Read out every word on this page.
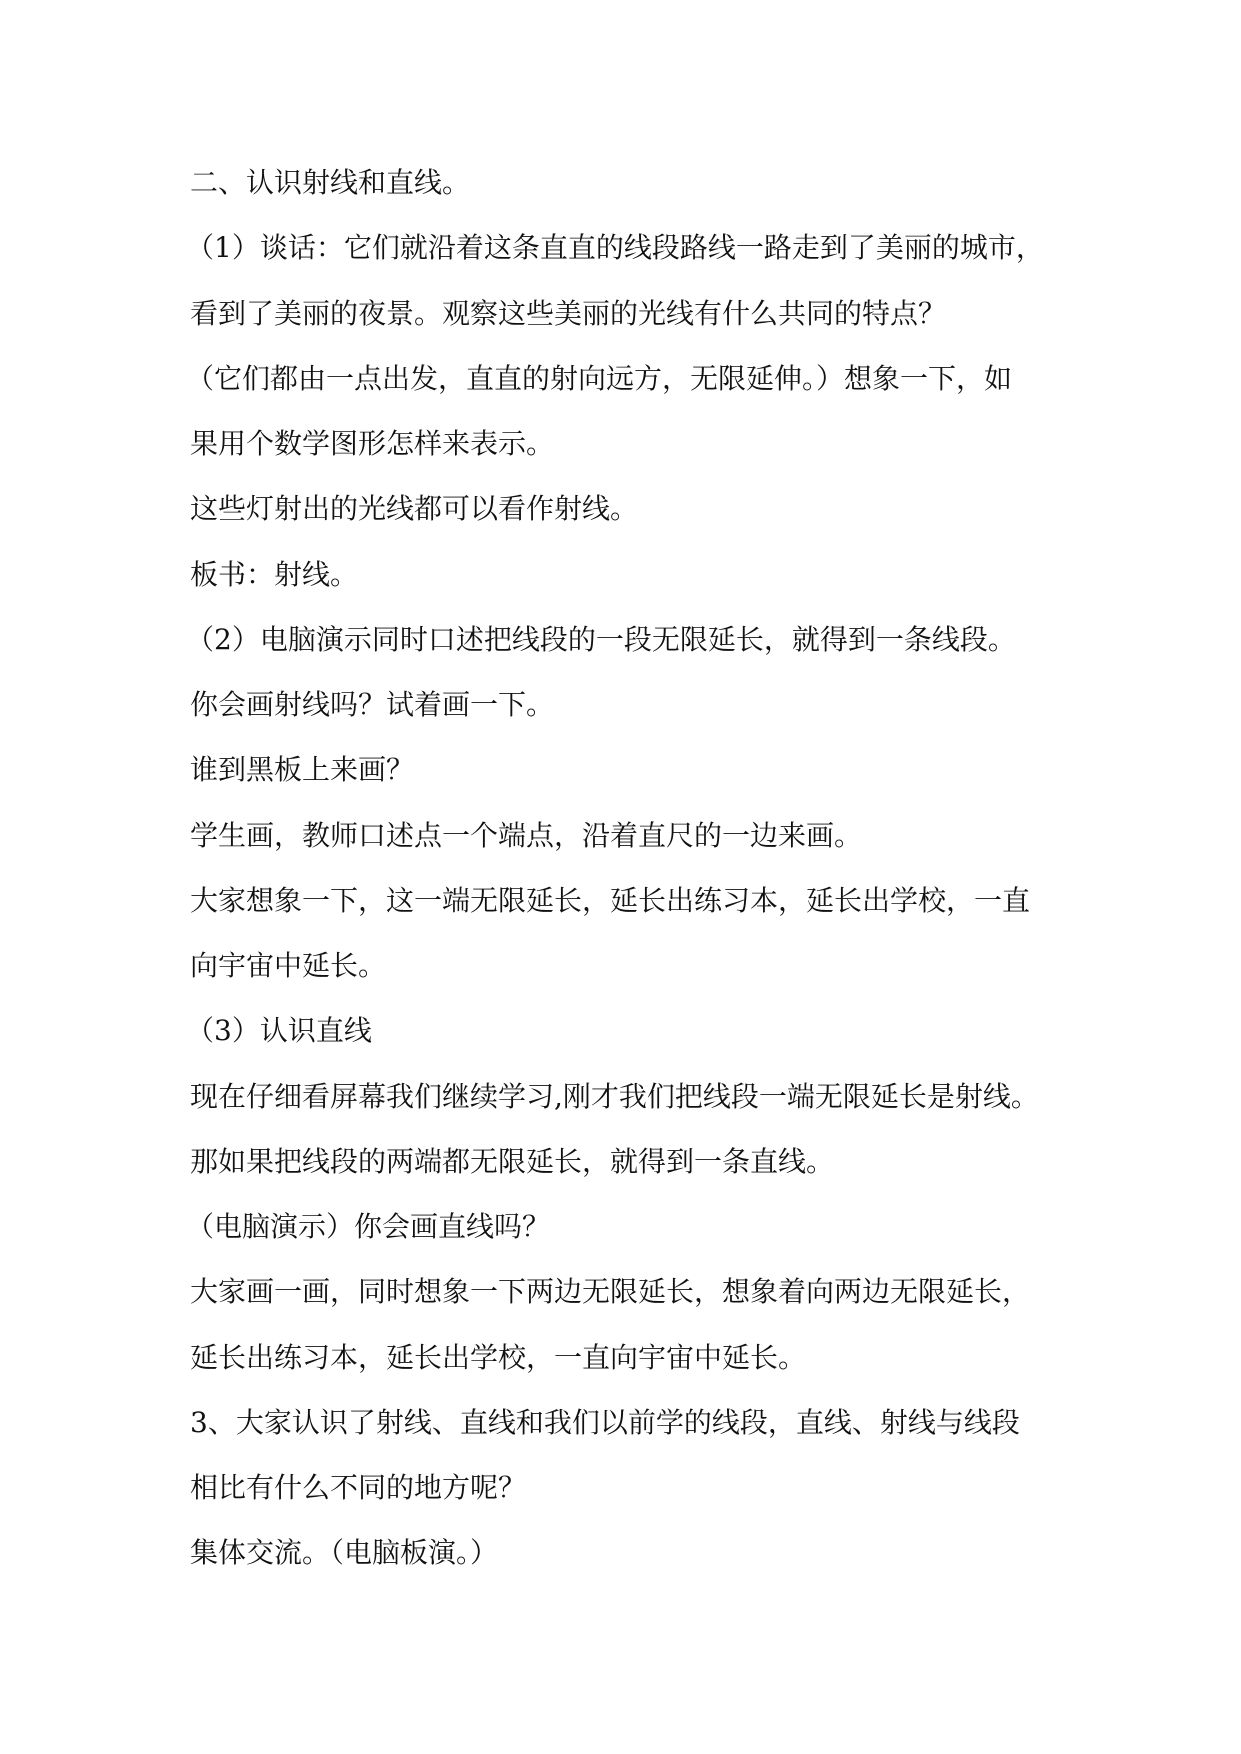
二、认识射线和直线。
（1）谈话：它们就沿着这条直直的线段路线一路走到了美丽的城市，
看到了美丽的夜景。观察这些美丽的光线有什么共同的特点？
（它们都由一点出发，直直的射向远方，无限延伸。）想象一下，如
果用个数学图形怎样来表示。
这些灯射出的光线都可以看作射线。
板书：射线。
（2）电脑演示同时口述把线段的一段无限延长，就得到一条线段。
你会画射线吗？试着画一下。
谁到黑板上来画？
学生画，教师口述点一个端点，沿着直尺的一边来画。
大家想象一下，这一端无限延长，延长出练习本，延长出学校，一直
向宇宙中延长。
（3）认识直线
现在仔细看屏幕我们继续学习,刚才我们把线段一端无限延长是射线。
那如果把线段的两端都无限延长，就得到一条直线。
（电脑演示）你会画直线吗？
大家画一画，同时想象一下两边无限延长，想象着向两边无限延长，
延长出练习本，延长出学校，一直向宇宙中延长。
3、大家认识了射线、直线和我们以前学的线段，直线、射线与线段
相比有什么不同的地方呢？
集体交流。（电脑板演。）
